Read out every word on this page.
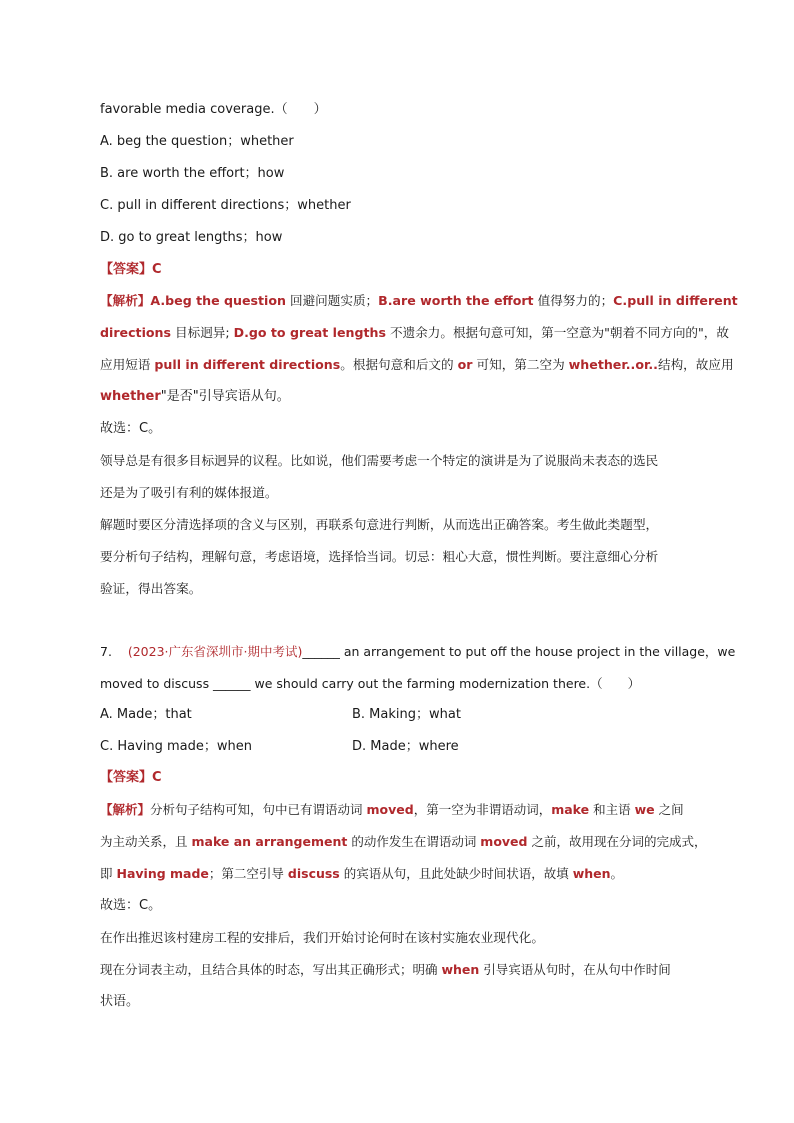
favorable media coverage.（　　）
A. beg the question；whether
B. are worth the effort；how
C. pull in different directions；whether
D. go to great lengths；how
【答案】C
【解析】A.beg the question 回避问题实质；B.are worth the effort 值得努力的；C.pull in different
directions 目标迥异; D.go to great lengths 不遗余力。根据句意可知，第一空意为"朝着不同方向的"，故
应用短语 pull in different directions。根据句意和后文的 or 可知，第二空为 whether..or..结构，故应用
whether"是否"引导宾语从句。
故选：C。
领导总是有很多目标迥异的议程。比如说，他们需要考虑一个特定的演讲是为了说服尚未表态的选民
还是为了吸引有利的媒体报道。
解题时要区分清选择项的含义与区别，再联系句意进行判断，从而选出正确答案。考生做此类题型，
要分析句子结构，理解句意，考虑语境，选择恰当词。切忌：粗心大意，惯性判断。要注意细心分析
验证，得出答案。
7. (2023·广东省深圳市·期中考试)______ an arrangement to put off the house project in the village，we
moved to discuss ______ we should carry out the farming modernization there.（　　）
A. Made；that	B. Making；what
C. Having made；when	D. Made；where
【答案】C
【解析】分析句子结构可知，句中已有谓语动词 moved，第一空为非谓语动词，make 和主语 we 之间
为主动关系，且 make an arrangement 的动作发生在谓语动词 moved 之前，故用现在分词的完成式，
即 Having made；第二空引导 discuss 的宾语从句，且此处缺少时间状语，故填 when。
故选：C。
在作出推迟该村建房工程的安排后，我们开始讨论何时在该村实施农业现代化。
现在分词表主动，且结合具体的时态，写出其正确形式；明确 when 引导宾语从句时，在从句中作时间
状语。
